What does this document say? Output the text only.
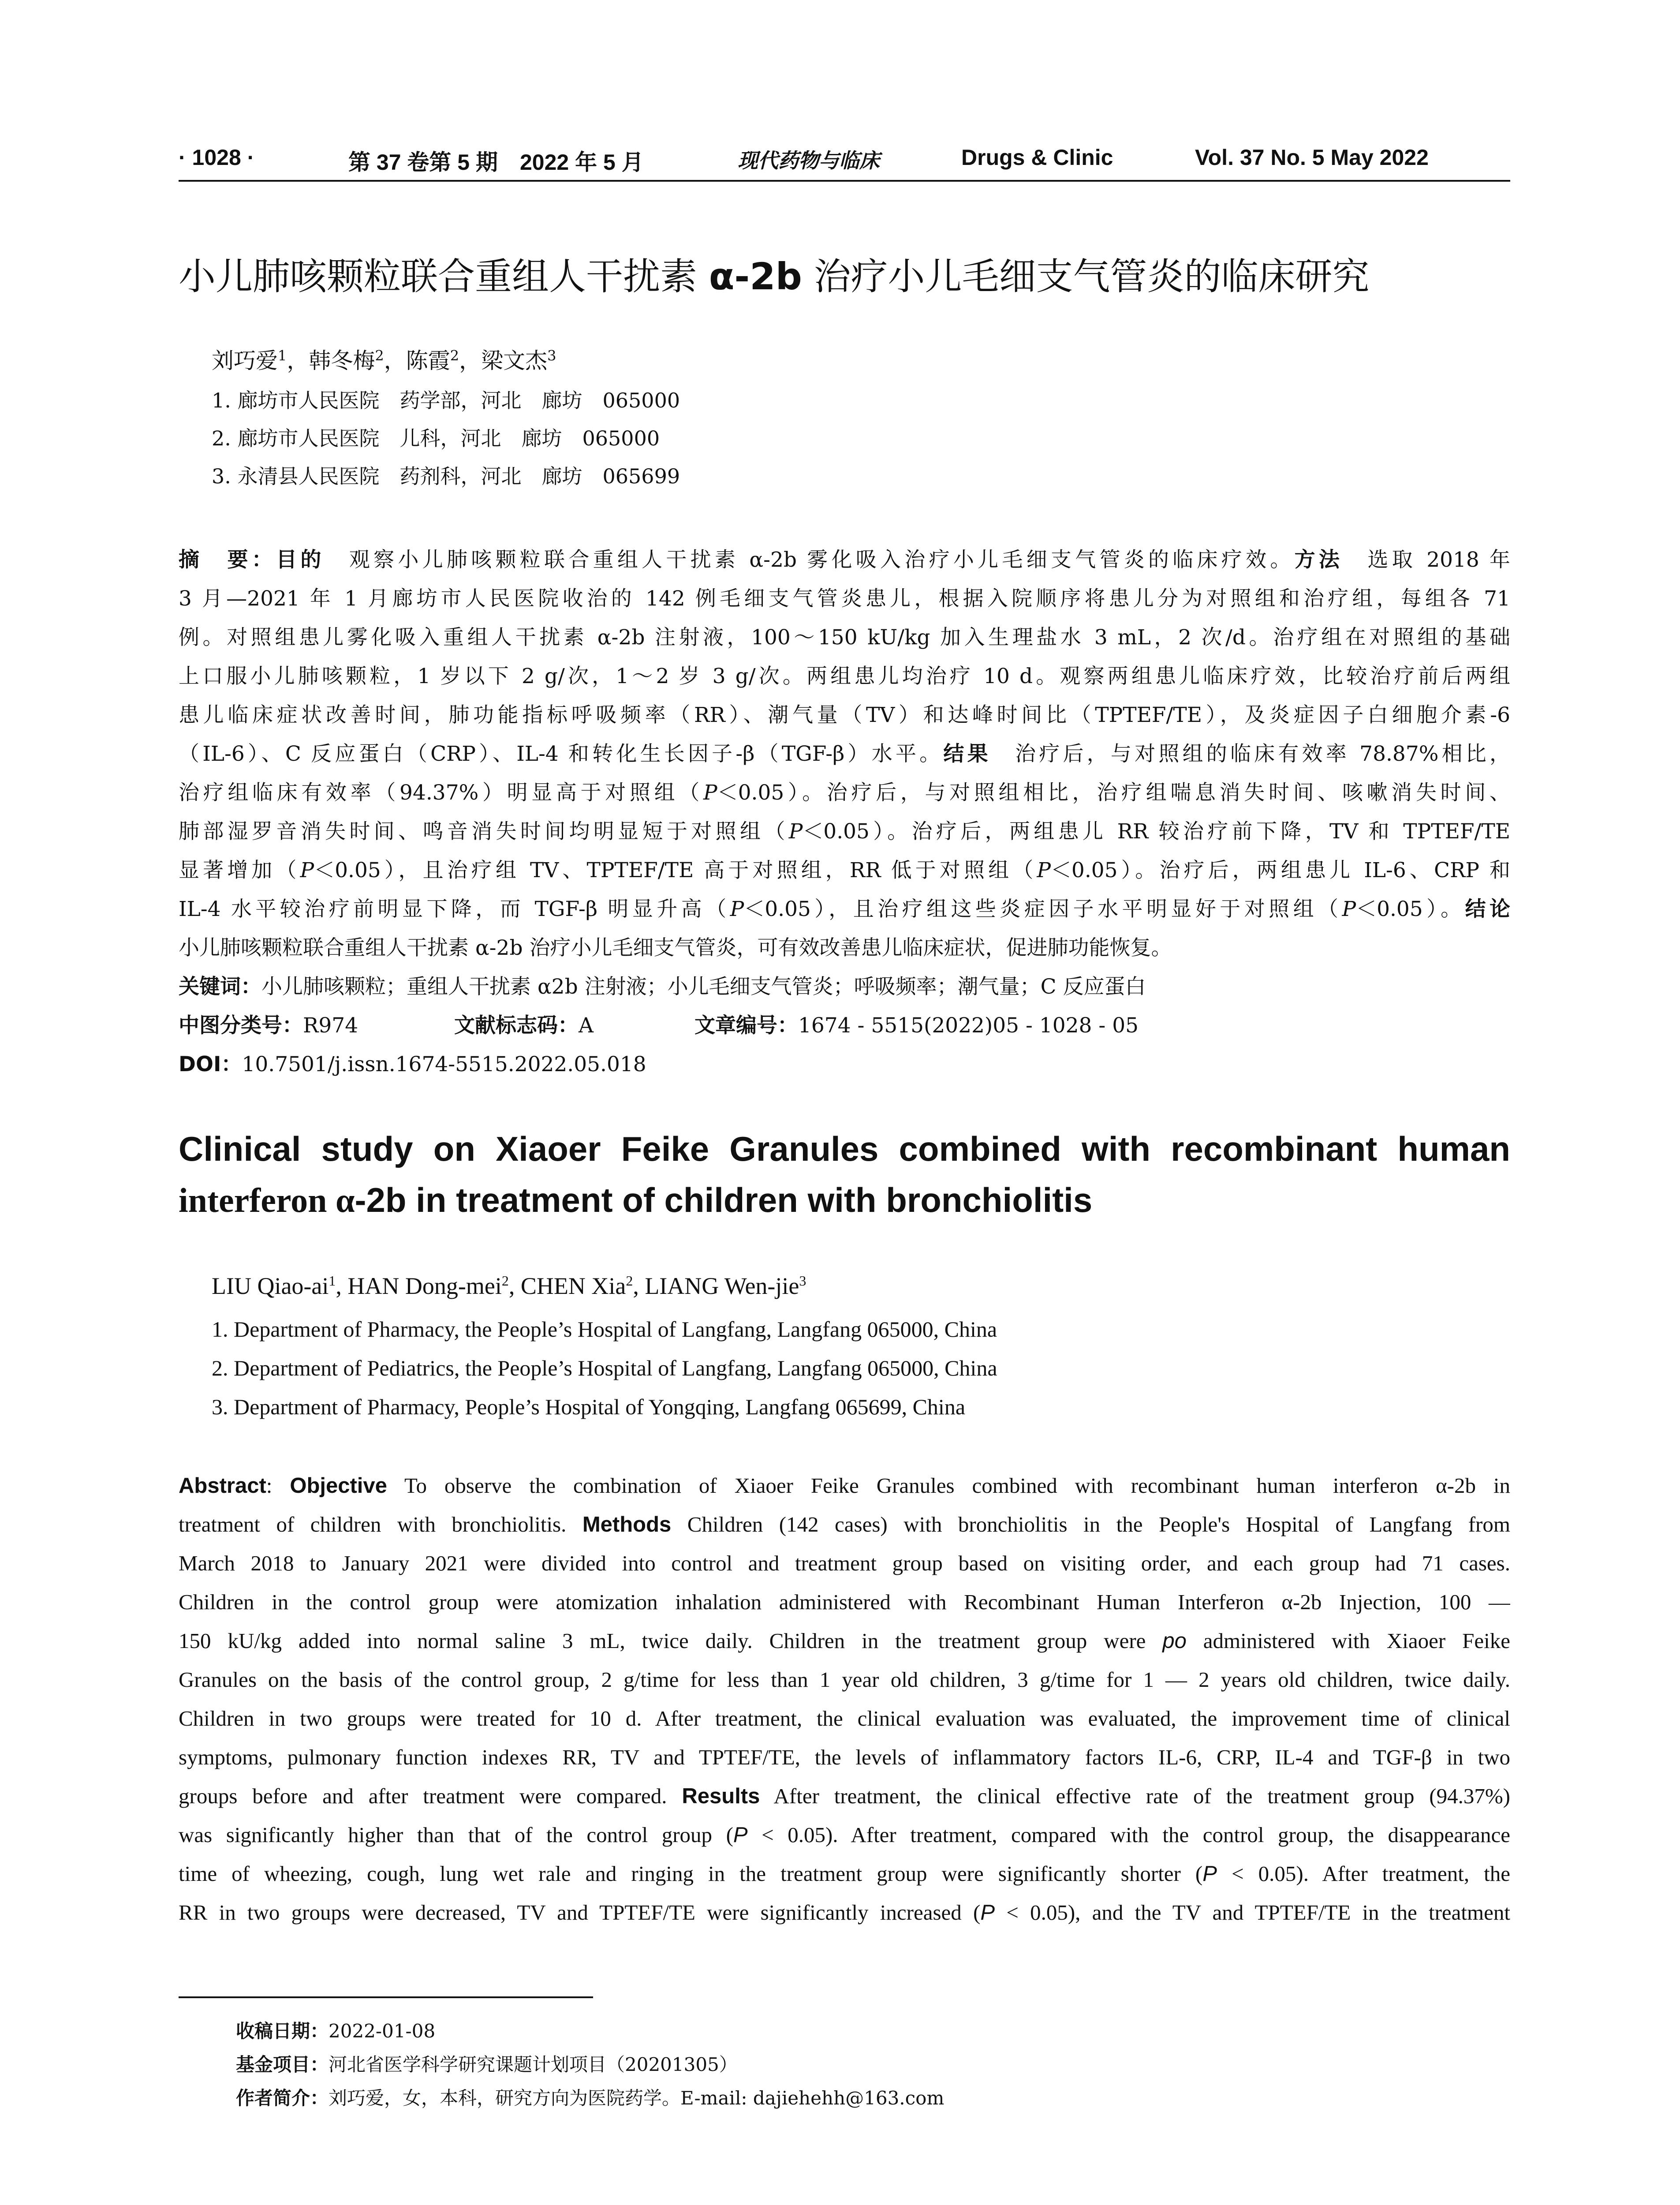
· 1028 ·	第 37 卷第 5 期　2022 年 5 月	现代药物与临床	Drugs & Clinic	Vol. 37 No. 5 May 2022
小儿肺咳颗粒联合重组人干扰素 α-2b 治疗小儿毛细支气管炎的临床研究
刘巧爱$^1$，韩冬梅$^2$，陈霞$^2$，梁文杰$^3$
1. 廊坊市人民医院　药学部，河北　廊坊　065000
2. 廊坊市人民医院　儿科，河北　廊坊　065000
3. 永清县人民医院　药剂科，河北　廊坊　065699
摘　要：目的　观察小儿肺咳颗粒联合重组人干扰素 α-2b 雾化吸入治疗小儿毛细支气管炎的临床疗效。方法　选取 2018 年
3 月—2021 年 1 月廊坊市人民医院收治的 142 例毛细支气管炎患儿，根据入院顺序将患儿分为对照组和治疗组，每组各 71
例。对照组患儿雾化吸入重组人干扰素 α-2b 注射液，100～150 kU/kg 加入生理盐水 3 mL，2 次/d。治疗组在对照组的基础
上口服小儿肺咳颗粒，1 岁以下 2 g/次，1～2 岁 3 g/次。两组患儿均治疗 10 d。观察两组患儿临床疗效，比较治疗前后两组
患儿临床症状改善时间，肺功能指标呼吸频率（RR）、潮气量（TV）和达峰时间比（TPTEF/TE），及炎症因子白细胞介素-6
（IL-6）、C 反应蛋白（CRP）、IL-4 和转化生长因子-β（TGF-β）水平。结果　治疗后，与对照组的临床有效率 78.87%相比，
治疗组临床有效率（94.37%）明显高于对照组（P＜0.05）。治疗后，与对照组相比，治疗组喘息消失时间、咳嗽消失时间、
肺部湿罗音消失时间、鸣音消失时间均明显短于对照组（P＜0.05）。治疗后，两组患儿 RR 较治疗前下降，TV 和 TPTEF/TE
显著增加（P＜0.05），且治疗组 TV、TPTEF/TE 高于对照组，RR 低于对照组（P＜0.05）。治疗后，两组患儿 IL-6、CRP 和
IL-4 水平较治疗前明显下降，而 TGF-β 明显升高（P＜0.05），且治疗组这些炎症因子水平明显好于对照组（P＜0.05）。结论
小儿肺咳颗粒联合重组人干扰素 α-2b 治疗小儿毛细支气管炎，可有效改善患儿临床症状，促进肺功能恢复。
关键词：小儿肺咳颗粒；重组人干扰素 α2b 注射液；小儿毛细支气管炎；呼吸频率；潮气量；C 反应蛋白
中图分类号：R974	文献标志码：A	文章编号：1674 - 5515(2022)05 - 1028 - 05
DOI：10.7501/j.issn.1674-5515.2022.05.018
Clinical study on Xiaoer Feike Granules combined with recombinant human
interferon α-2b in treatment of children with bronchiolitis
LIU Qiao-$ai^1$, HAN Dong-mei$^2$, CHEN Xia$^2$, LIANG Wen-jie$^3$
1. Department of Pharmacy, the People’s Hospital of Langfang, Langfang 065000, China
2. Department of Pediatrics, the People’s Hospital of Langfang, Langfang 065000, China
3. Department of Pharmacy, People’s Hospital of Yongqing, Langfang 065699, China
Abstract: Objective To observe the combination of Xiaoer Feike Granules combined with recombinant human interferon α-2b in
treatment of children with bronchiolitis. Methods Children (142 cases) with bronchiolitis in the People's Hospital of Langfang from
March 2018 to January 2021 were divided into control and treatment group based on visiting order, and each group had 71 cases.
Children in the control group were atomization inhalation administered with Recombinant Human Interferon α-2b Injection, 100 —
150 kU/kg added into normal saline 3 mL, twice daily. Children in the treatment group were po administered with Xiaoer Feike
Granules on the basis of the control group, 2 g/time for less than 1 year old children, 3 g/time for 1 — 2 years old children, twice daily.
Children in two groups were treated for 10 d. After treatment, the clinical evaluation was evaluated, the improvement time of clinical
symptoms, pulmonary function indexes RR, TV and TPTEF/TE, the levels of inflammatory factors IL-6, CRP, IL-4 and TGF-β in two
groups before and after treatment were compared. Results After treatment, the clinical effective rate of the treatment group (94.37%)
was significantly higher than that of the control group (P < 0.05). After treatment, compared with the control group, the disappearance
time of wheezing, cough, lung wet rale and ringing in the treatment group were significantly shorter (P < 0.05). After treatment, the
RR in two groups were decreased, TV and TPTEF/TE were significantly increased (P < 0.05), and the TV and TPTEF/TE in the treatment
收稿日期：2022-01-08
基金项目：河北省医学科学研究课题计划项目（20201305）
作者简介：刘巧爱，女，本科，研究方向为医院药学。E-mail: dajiehehh@163.com
